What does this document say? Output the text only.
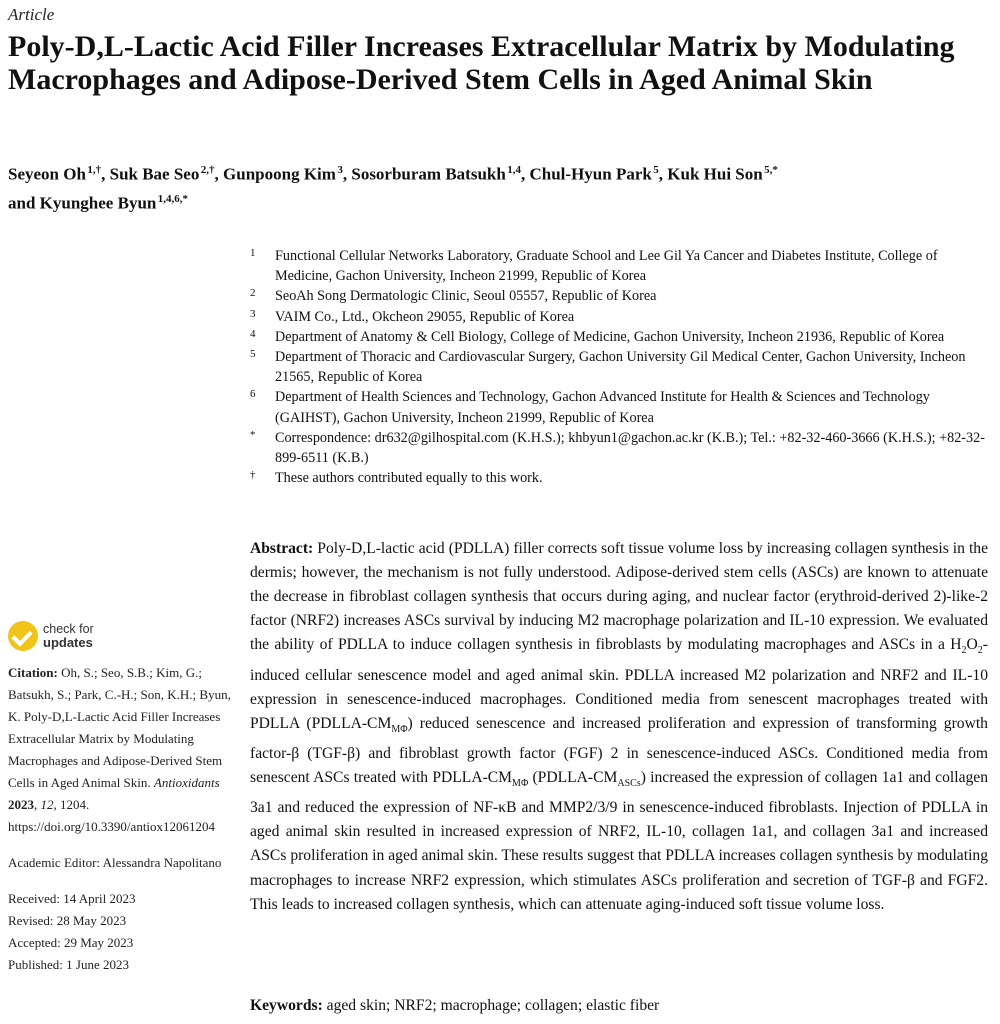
Article
Poly-D,L-Lactic Acid Filler Increases Extracellular Matrix by Modulating Macrophages and Adipose-Derived Stem Cells in Aged Animal Skin
Seyeon Oh $^{1,\dagger}$, Suk Bae Seo $^{2,\dagger}$, Gunpoong Kim $^3$, Sosorburam Batsukh $^{1,4}$, Chul-Hyun Park $^5$, Kuk Hui Son $^{5,*}$
and Kyunghee Byun $^{1,4,6,*}$
1	Functional Cellular Networks Laboratory, Graduate School and Lee Gil Ya Cancer and Diabetes Institute, College of Medicine, Gachon University, Incheon 21999, Republic of Korea
2	SeoAh Song Dermatologic Clinic, Seoul 05557, Republic of Korea
3	VAIM Co., Ltd., Okcheon 29055, Republic of Korea
4	Department of Anatomy & Cell Biology, College of Medicine, Gachon University, Incheon 21936, Republic of Korea
5	Department of Thoracic and Cardiovascular Surgery, Gachon University Gil Medical Center, Gachon University, Incheon 21565, Republic of Korea
6	Department of Health Sciences and Technology, Gachon Advanced Institute for Health & Sciences and Technology (GAIHST), Gachon University, Incheon 21999, Republic of Korea
*	Correspondence: dr632@gilhospital.com (K.H.S.); khbyun1@gachon.ac.kr (K.B.); Tel.: +82-32-460-3666 (K.H.S.); +82-32-899-6511 (K.B.)
†	These authors contributed equally to this work.

Abstract: Poly-D,L-lactic acid (PDLLA) filler corrects soft tissue volume loss by increasing collagen synthesis in the dermis; however, the mechanism is not fully understood. Adipose-derived stem cells (ASCs) are known to attenuate the decrease in fibroblast collagen synthesis that occurs during aging, and nuclear factor (erythroid-derived 2)-like-2 factor (NRF2) increases ASCs survival by inducing M2 macrophage polarization and IL-10 expression. We evaluated the ability of PDLLA to induce collagen synthesis in fibroblasts by modulating macrophages and ASCs in a $H_2O_2$-induced cellular senescence model and aged animal skin. PDLLA increased M2 polarization and NRF2 and IL-10 expression in senescence-induced macrophages. Conditioned media from senescent macrophages treated with PDLLA $(PDLLA-CM_{M\Phi})$ reduced senescence and increased proliferation and expression of transforming growth factor-β (TGF-β) and fibroblast growth factor (FGF) 2 in senescence-induced ASCs. Conditioned media from senescent ASCs treated with PDLLA-$CM_{M\Phi}$ $(PDLLA-CM_{ASCs})$ increased the expression of collagen 1a1 and collagen 3a1 and reduced the expression of NF-κB and MMP2/3/9 in senescence-induced fibroblasts. Injection of PDLLA in aged animal skin resulted in increased expression of NRF2, IL-10, collagen 1a1, and collagen 3a1 and increased ASCs proliferation in aged animal skin. These results suggest that PDLLA increases collagen synthesis by modulating macrophages to increase NRF2 expression, which stimulates ASCs proliferation and secretion of TGF-β and FGF2. This leads to increased collagen synthesis, which can attenuate aging-induced soft tissue volume loss.

Keywords: aged skin; NRF2; macrophage; collagen; elastic fiber
check for
updates

Citation: Oh, S.; Seo, S.B.; Kim, G.; Batsukh, S.; Park, C.-H.; Son, K.H.; Byun, K. Poly-D,L-Lactic Acid Filler Increases Extracellular Matrix by Modulating Macrophages and Adipose-Derived Stem Cells in Aged Animal Skin. Antioxidants 2023, 12, 1204. https://doi.org/10.3390/antiox12061204

Academic Editor: Alessandra Napolitano

Received: 14 April 2023

Revised: 28 May 2023

Accepted: 29 May 2023

Published: 1 June 2023
